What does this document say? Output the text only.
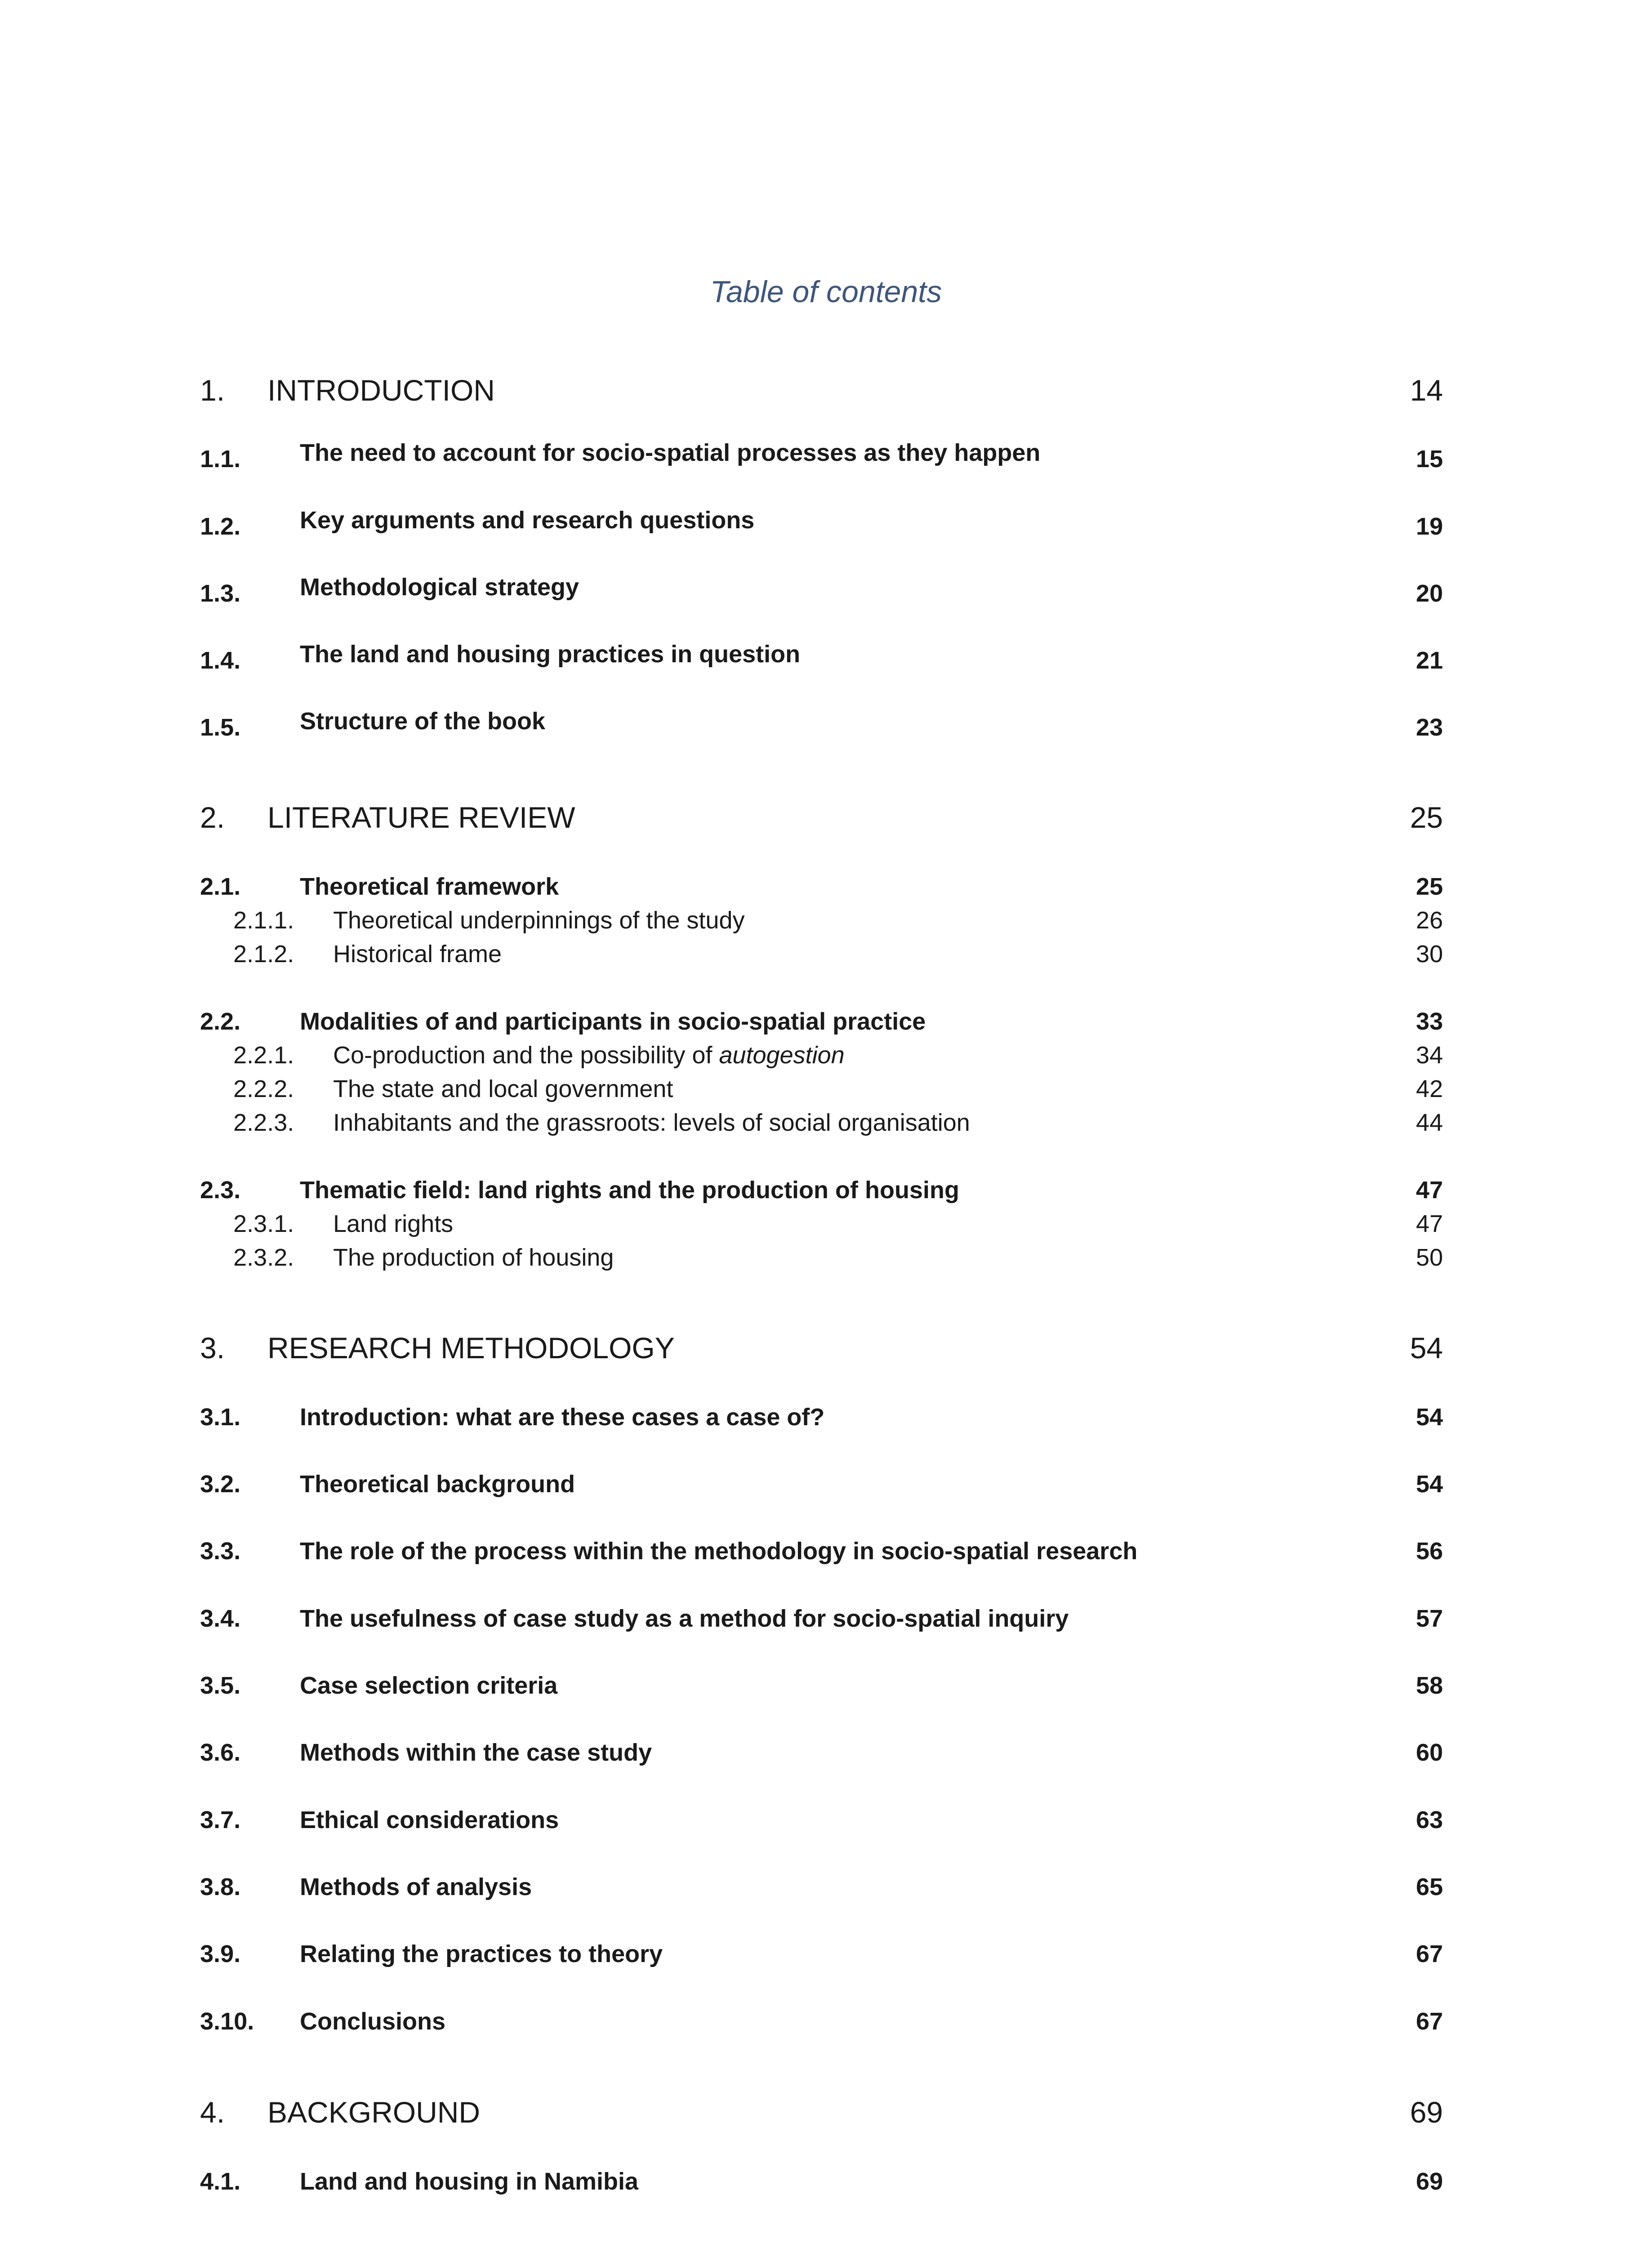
Table of contents
1. INTRODUCTION	14
1.1. The need to account for socio-spatial processes as they happen	15
1.2. Key arguments and research questions	19
1.3. Methodological strategy	20
1.4. The land and housing practices in question	21
1.5. Structure of the book	23
2. LITERATURE REVIEW	25
2.1. Theoretical framework	25
2.1.1. Theoretical underpinnings of the study	26
2.1.2. Historical frame	30
2.2. Modalities of and participants in socio-spatial practice	33
2.2.1. Co-production and the possibility of autogestion	34
2.2.2. The state and local government	42
2.2.3. Inhabitants and the grassroots: levels of social organisation	44
2.3. Thematic field: land rights and the production of housing	47
2.3.1. Land rights	47
2.3.2. The production of housing	50
3. RESEARCH METHODOLOGY	54
3.1. Introduction: what are these cases a case of?	54
3.2. Theoretical background	54
3.3. The role of the process within the methodology in socio-spatial research	56
3.4. The usefulness of case study as a method for socio-spatial inquiry	57
3.5. Case selection criteria	58
3.6. Methods within the case study	60
3.7. Ethical considerations	63
3.8. Methods of analysis	65
3.9. Relating the practices to theory	67
3.10. Conclusions	67
4. BACKGROUND	69
4.1. Land and housing in Namibia	69
